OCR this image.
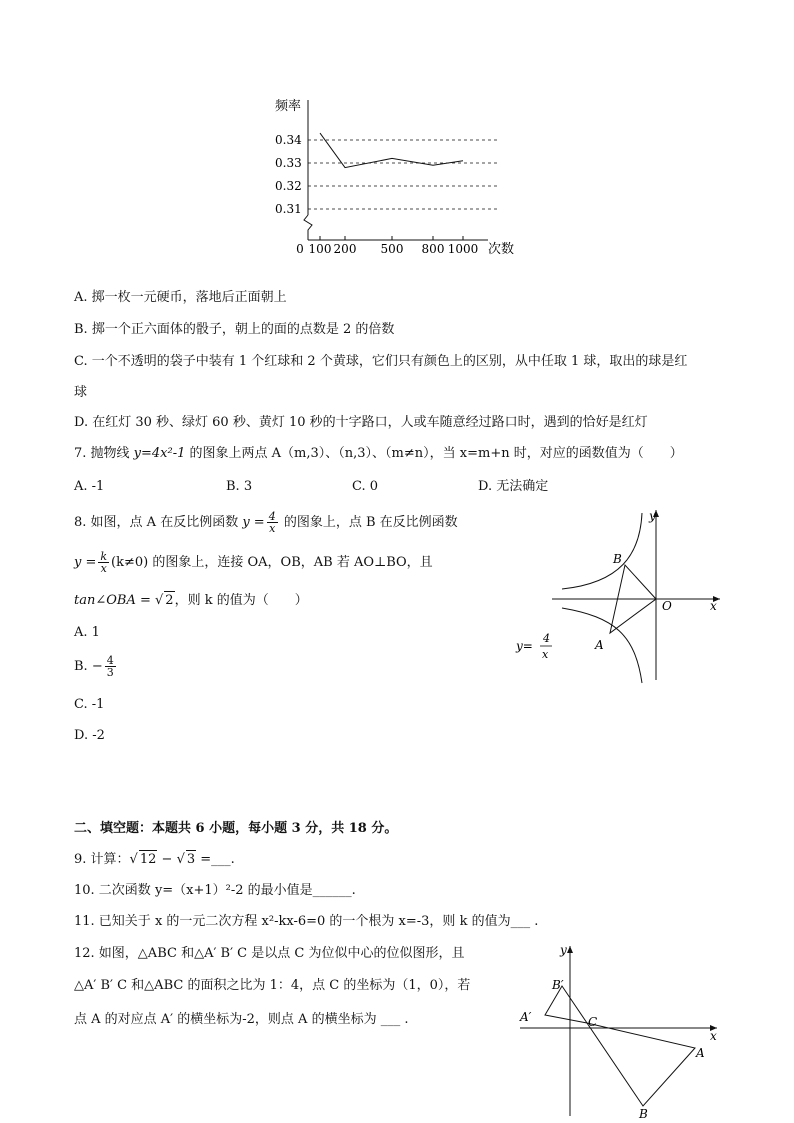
频率
次数
0.34
0.33
0.32
0.31
0 100 200 500 800 1000
A. 掷一枚一元硬币，落地后正面朝上
B. 掷一个正六面体的骰子，朝上的面的点数是 2 的倍数
C. 一个不透明的袋子中装有 1 个红球和 2 个黄球，它们只有颜色上的区别，从中任取 1 球，取出的球是红
球
D. 在红灯 30 秒、绿灯 60 秒、黄灯 10 秒的十字路口，人或车随意经过路口时，遇到的恰好是红灯
7. 抛物线 y=4x²-1 的图象上两点 A（m,3）、（n,3）、（m≠n），当 x=m+n 时，对应的函数值为（　　）
A. -1	B. 3	C. 0	D. 无法确定
8. 如图，点 A 在反比例函数 $y = \frac{4}{x}$ 的图象上，点 B 在反比例函数
$y = \frac{k}{x} (k\ne 0)$ 的图象上，连接 OA，OB，AB 若 AO⊥BO，且
tan∠OBA = √ 2，则 k 的值为（　　）
A. 1
B. − $\frac{4}{3}$
C. -1
D. -2
y
x
O
B
A
y=
4
x
二、填空题：本题共 6 小题，每小题 3 分，共 18 分。
9. 计算：√ 12 − √ 3 =___.
10. 二次函数 y=（x+1）²-2 的最小值是______.
11. 已知关于 x 的一元二次方程 x²-kx-6=0 的一个根为 x=-3，则 k 的值为___ .
12. 如图，△ABC 和△A′ B′ C 是以点 C 为位似中心的位似图形，且
△A′ B′ C 和△ABC 的面积之比为 1：4，点 C 的坐标为（1，0），若
点 A 的对应点 A′ 的横坐标为-2，则点 A 的横坐标为 ___ .
y
x
C
A
B
A′
B′
